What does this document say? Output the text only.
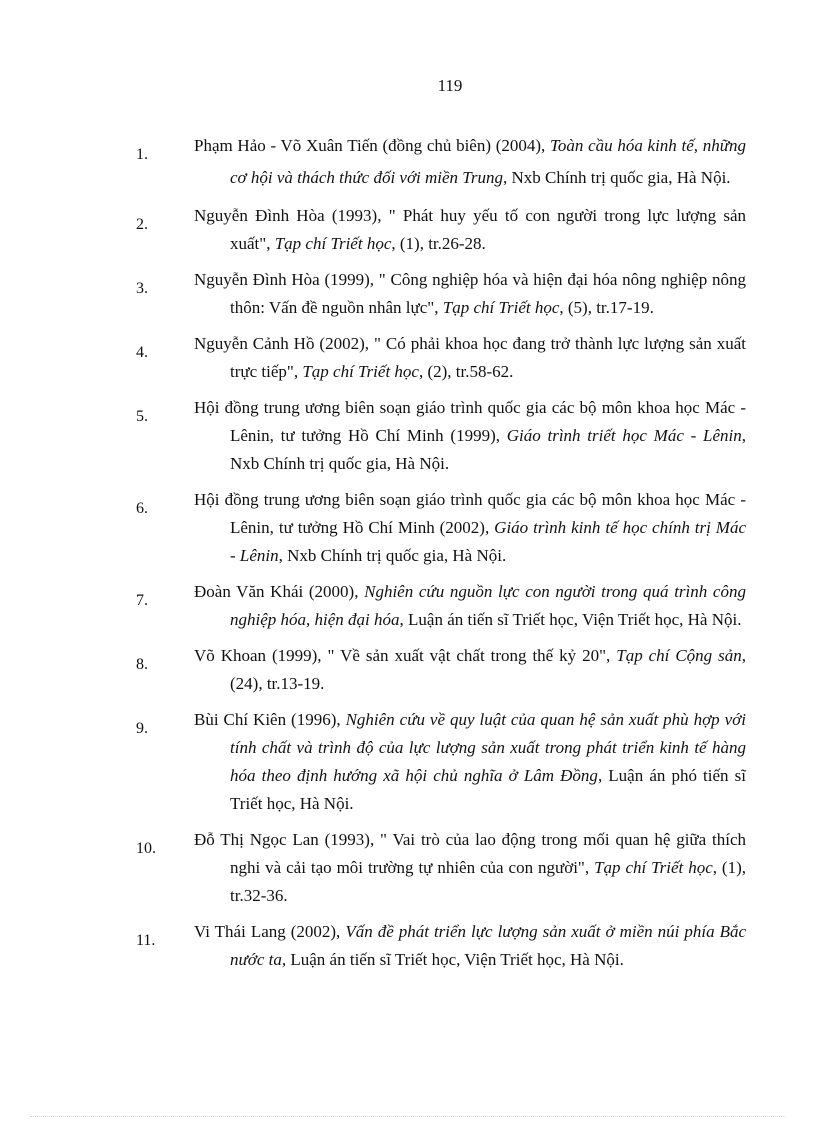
119

1.	Phạm Hảo - Võ Xuân Tiến (đồng chủ biên) (2004), Toàn cầu hóa kinh tế, những cơ hội và thách thức đối với miền Trung, Nxb Chính trị quốc gia, Hà Nội.

2.	Nguyễn Đình Hòa (1993), " Phát huy yếu tố con người trong lực lượng sản xuất", Tạp chí Triết học, (1), tr.26-28.

3.	Nguyễn Đình Hòa (1999), " Công nghiệp hóa và hiện đại hóa nông nghiệp nông thôn: Vấn đề nguồn nhân lực", Tạp chí Triết học, (5), tr.17-19.

4.	Nguyễn Cảnh Hồ (2002), " Có phải khoa học đang trở thành lực lượng sản xuất trực tiếp", Tạp chí Triết học, (2), tr.58-62.

5.	Hội đồng trung ương biên soạn giáo trình quốc gia các bộ môn khoa học Mác - Lênin, tư tưởng Hồ Chí Minh (1999), Giáo trình triết học Mác - Lênin, Nxb Chính trị quốc gia, Hà Nội.

6.	Hội đồng trung ương biên soạn giáo trình quốc gia các bộ môn khoa học Mác - Lênin, tư tưởng Hồ Chí Minh (2002), Giáo trình kinh tế học chính trị Mác - Lênin, Nxb Chính trị quốc gia, Hà Nội.

7.	Đoàn Văn Khái (2000), Nghiên cứu nguồn lực con người trong quá trình công nghiệp hóa, hiện đại hóa, Luận án tiến sĩ Triết học, Viện Triết học, Hà Nội.

8.	Võ Khoan (1999), " Về sản xuất vật chất trong thế kỷ 20", Tạp chí Cộng sản, (24), tr.13-19.

9.	Bùi Chí Kiên (1996), Nghiên cứu về quy luật của quan hệ sản xuất phù hợp với tính chất và trình độ của lực lượng sản xuất trong phát triển kinh tế hàng hóa theo định hướng xã hội chủ nghĩa ở Lâm Đồng, Luận án phó tiến sĩ Triết học, Hà Nội.

10. Đỗ Thị Ngọc Lan (1993), " Vai trò của lao động trong mối quan hệ giữa thích nghi và cải tạo môi trường tự nhiên của con người", Tạp chí Triết học, (1), tr.32-36.

11. Vi Thái Lang (2002), Vấn đề phát triển lực lượng sản xuất ở miền núi phía Bắc nước ta, Luận án tiến sĩ Triết học, Viện Triết học, Hà Nội.
